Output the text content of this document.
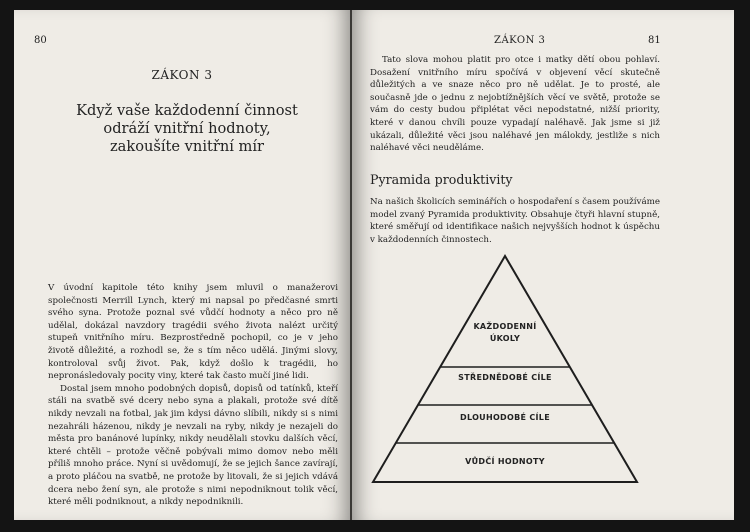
80
ZÁKON 3
Když vaše každodenní činnost
odráží vnitřní hodnoty,
zakoušíte vnitřní mír

V úvodní kapitole této knihy jsem mluvil o manažerovi společnosti Merrill Lynch, který mi napsal po předčasné smrti svého syna. Protože poznal své vůdčí hodnoty a něco pro ně udělal, dokázal navzdory tragédii svého života nalézt určitý stupeň vnitřního míru. Bezprostředně pochopil, co je v jeho životě důležité, a rozhodl se, že s tím něco udělá. Jinými slovy, kontroloval svůj život. Pak, když došlo k tragédii, ho nepronásledovaly pocity viny, které tak často mučí jiné lidi.

Dostal jsem mnoho podobných dopisů, dopisů od tatínků, kteří stáli na svatbě své dcery nebo syna a plakali, protože své dítě nikdy nevzali na fotbal, jak jim kdysi dávno slíbili, nikdy si s nimi nezahráli házenou, nikdy je nevzali na ryby, nikdy je nezajeli do města pro banánové lupínky, nikdy neudělali stovku dalších věcí, které chtěli – protože věčně pobývali mimo domov nebo měli příliš mnoho práce. Nyní si uvědomují, že se jejich šance zavírají, a proto pláčou na svatbě, ne protože by litovali, že si jejich vdává dcera nebo žení syn, ale protože s nimi nepodniknout tolik věcí, které měli podniknout, a nikdy nepodniknili.

ZÁKON 3	81

Tato slova mohou platit pro otce i matky dětí obou pohlaví. Dosažení vnitřního míru spočívá v objevení věcí skutečně důležitých a ve snaze něco pro ně udělat. Je to prosté, ale současně jde o jednu z nejobtížnějších věcí ve světě, protože se vám do cesty budou připlétat věci nepodstatné, nižší priority, které v danou chvíli pouze vypadají naléhavě. Jak jsme si již ukázali, důležité věci jsou naléhavé jen málokdy, jestliže s nich naléhavé věci neuděláme.

Pyramida produktivity

Na našich školicích seminářích o hospodaření s časem používáme model zvaný Pyramida produktivity. Obsahuje čtyři hlavní stupně, které směřují od identifikace našich nejvyšších hodnot k úspěchu v každodenních činnostech.

KAŽDODENNÍ
ÚKOLY
STŘEDNĚDOBÉ CÍLE
DLOUHODOBÉ CÍLE
VŮDČÍ HODNOTY
